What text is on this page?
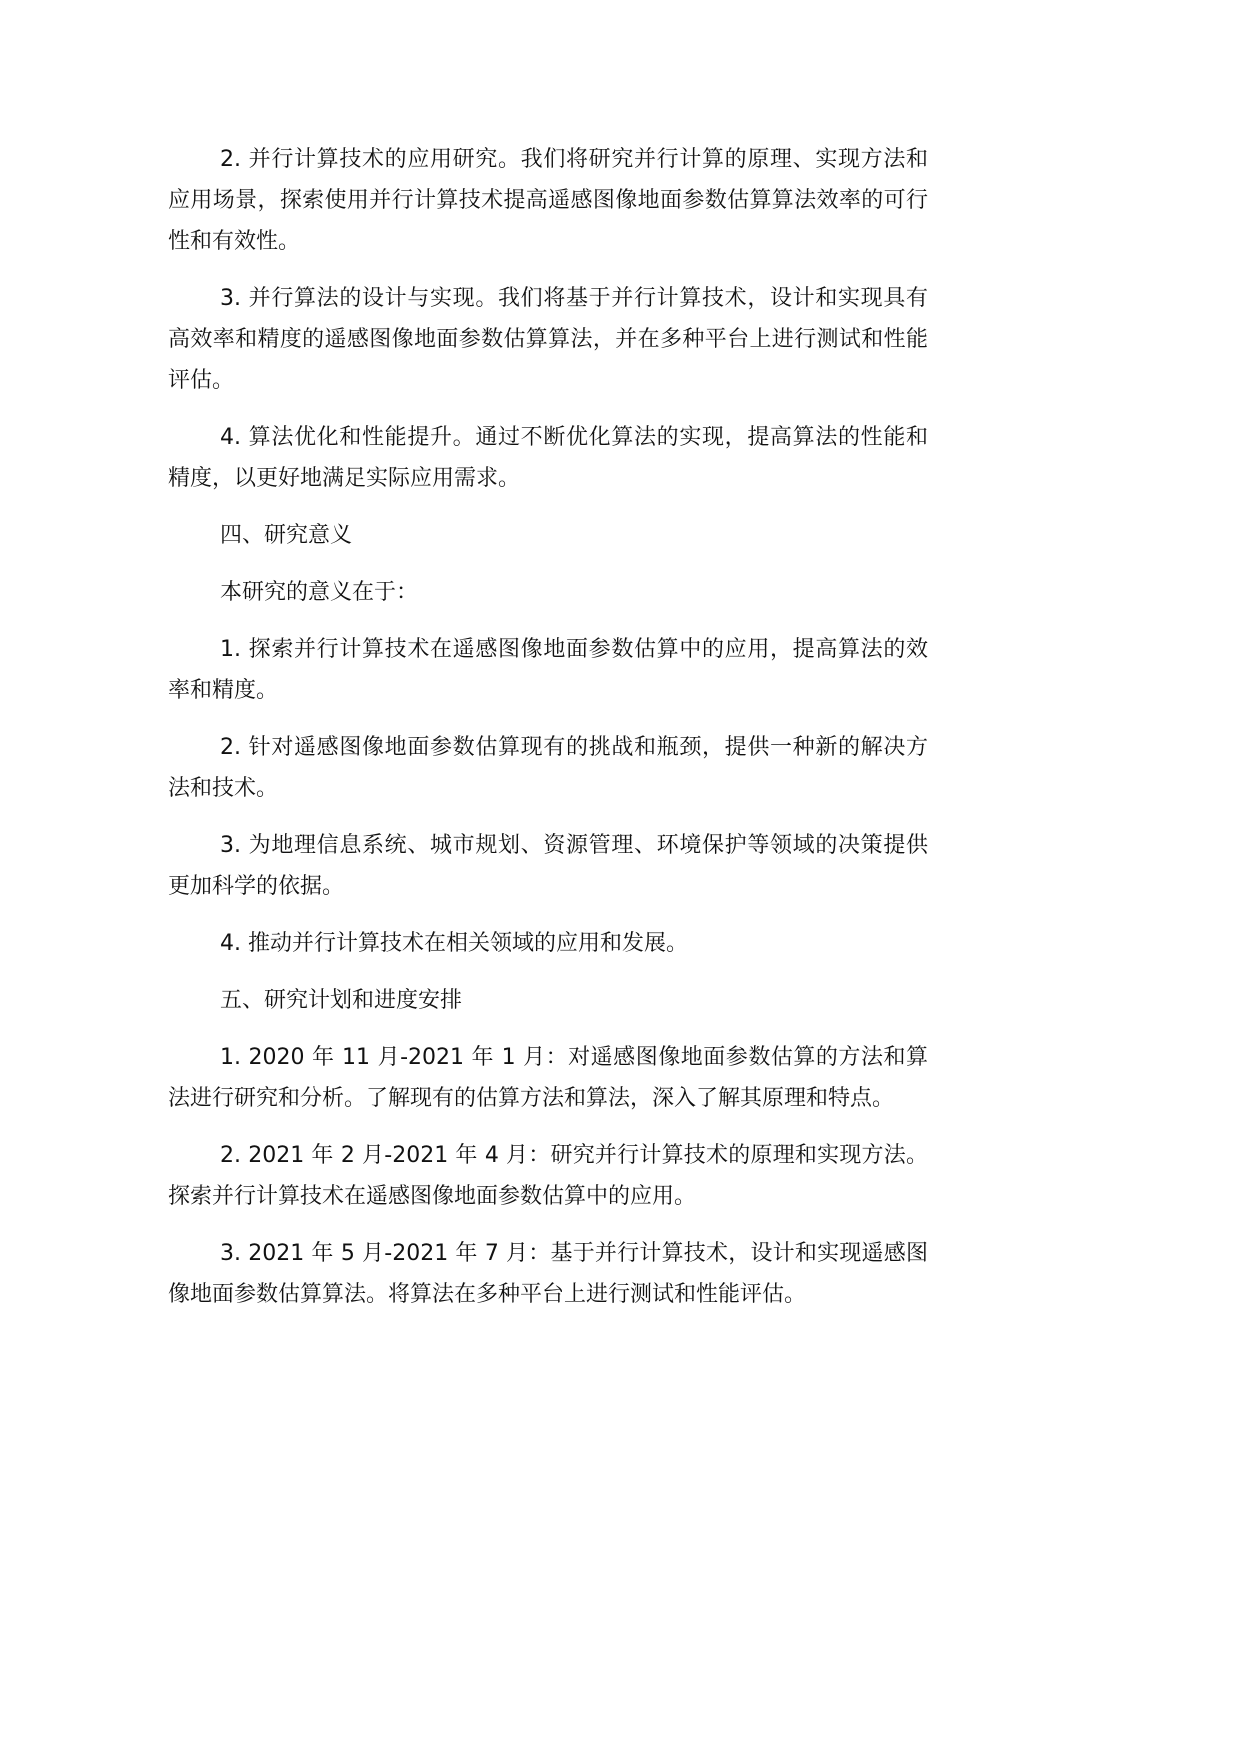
2. 并行计算技术的应用研究。我们将研究并行计算的原理、实现方法和应用场景，探索使用并行计算技术提高遥感图像地面参数估算算法效率的可行性和有效性。

3. 并行算法的设计与实现。我们将基于并行计算技术，设计和实现具有高效率和精度的遥感图像地面参数估算算法，并在多种平台上进行测试和性能评估。

4. 算法优化和性能提升。通过不断优化算法的实现，提高算法的性能和精度，以更好地满足实际应用需求。

四、研究意义

本研究的意义在于：

1. 探索并行计算技术在遥感图像地面参数估算中的应用，提高算法的效率和精度。

2. 针对遥感图像地面参数估算现有的挑战和瓶颈，提供一种新的解决方法和技术。

3. 为地理信息系统、城市规划、资源管理、环境保护等领域的决策提供更加科学的依据。

4. 推动并行计算技术在相关领域的应用和发展。

五、研究计划和进度安排

1. 2020 年 11 月-2021 年 1 月：对遥感图像地面参数估算的方法和算法进行研究和分析。了解现有的估算方法和算法，深入了解其原理和特点。

2. 2021 年 2 月-2021 年 4 月：研究并行计算技术的原理和实现方法。探索并行计算技术在遥感图像地面参数估算中的应用。

3. 2021 年 5 月-2021 年 7 月：基于并行计算技术，设计和实现遥感图像地面参数估算算法。将算法在多种平台上进行测试和性能评估。
